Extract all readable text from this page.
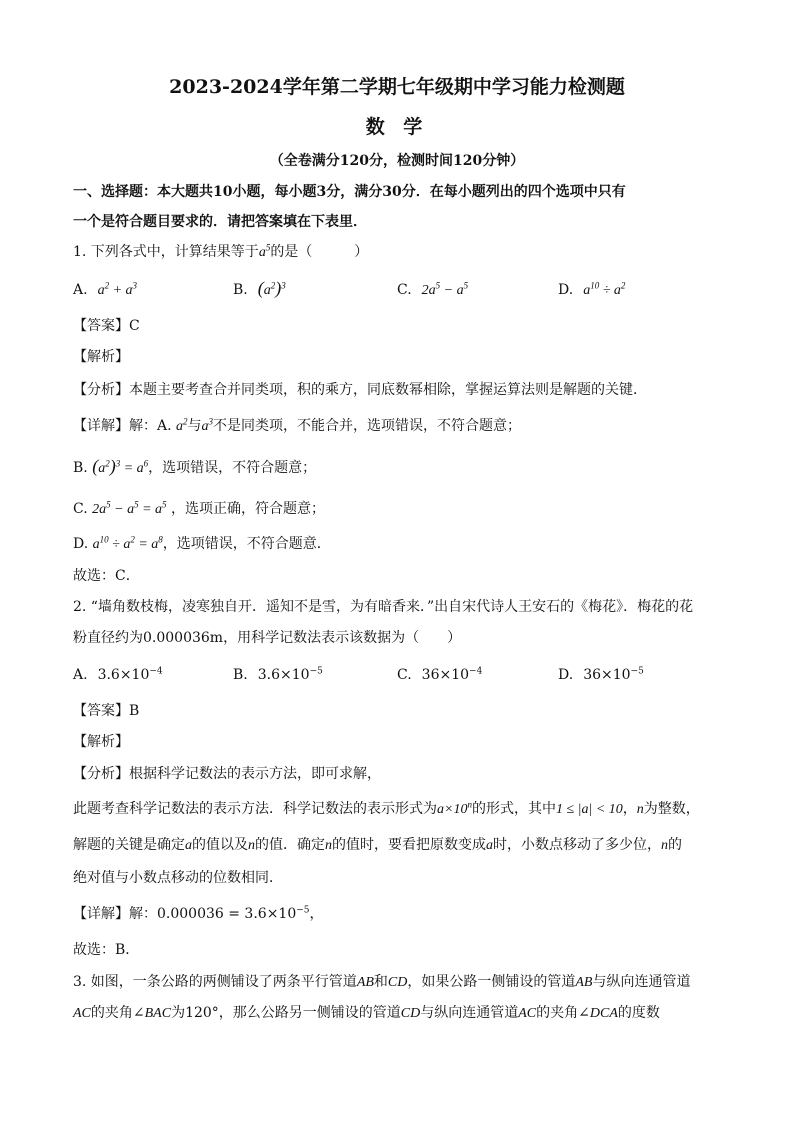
2023-2024学年第二学期七年级期中学习能力检测题
数 学
（全卷满分120分，检测时间120分钟）
一、选择题：本大题共10小题，每小题3分，满分30分．在每小题列出的四个选项中只有
一个是符合题目要求的．请把答案填在下表里．
1. 下列各式中，计算结果等于$a^5$的是（　　　）
A. $a^2 + a^3$	B. $(a^2)^3$	C. $2a^5 - a^5$	D. $a^{10} \div a^2$
【答案】C
【解析】
【分析】本题主要考查合并同类项，积的乘方，同底数幂相除，掌握运算法则是解题的关键．
【详解】解：A. $a^2$与$a^3$不是同类项，不能合并，选项错误，不符合题意；
B. $(a^2)^3 = a^6$，选项错误，不符合题意；
C. $2a^5 - a^5 = a^5$ ，选项正确，符合题意；
D. $a^{10} \div a^2 = a^8$，选项错误，不符合题意．
故选：C．
2. “墙角数枝梅，凌寒独自开．遥知不是雪，为有暗香来．”出自宋代诗人王安石的《梅花》．梅花的花
粉直径约为0.000036m，用科学记数法表示该数据为（　　）
A. $3.6\times 10^{-4}$	B. $3.6\times 10^{-5}$	C. $36\times 10^{-4}$	D. $36\times 10^{-5}$
【答案】B
【解析】
【分析】根据科学记数法的表示方法，即可求解，
此题考查科学记数法的表示方法．科学记数法的表示形式为$a\times 10^n$的形式，其中1 ≤ |a| < 10，n为整数，
解题的关键是确定a的值以及n的值．确定n的值时，要看把原数变成a时，小数点移动了多少位，n的
绝对值与小数点移动的位数相同．
【详解】解：$0.000036 = 3.6\times 10^{-5}$，
故选：B．
3. 如图，一条公路的两侧铺设了两条平行管道AB和CD，如果公路一侧铺设的管道AB与纵向连通管道
AC的夹角∠BAC为120°，那么公路另一侧铺设的管道CD与纵向连通管道AC的夹角∠DCA的度数
